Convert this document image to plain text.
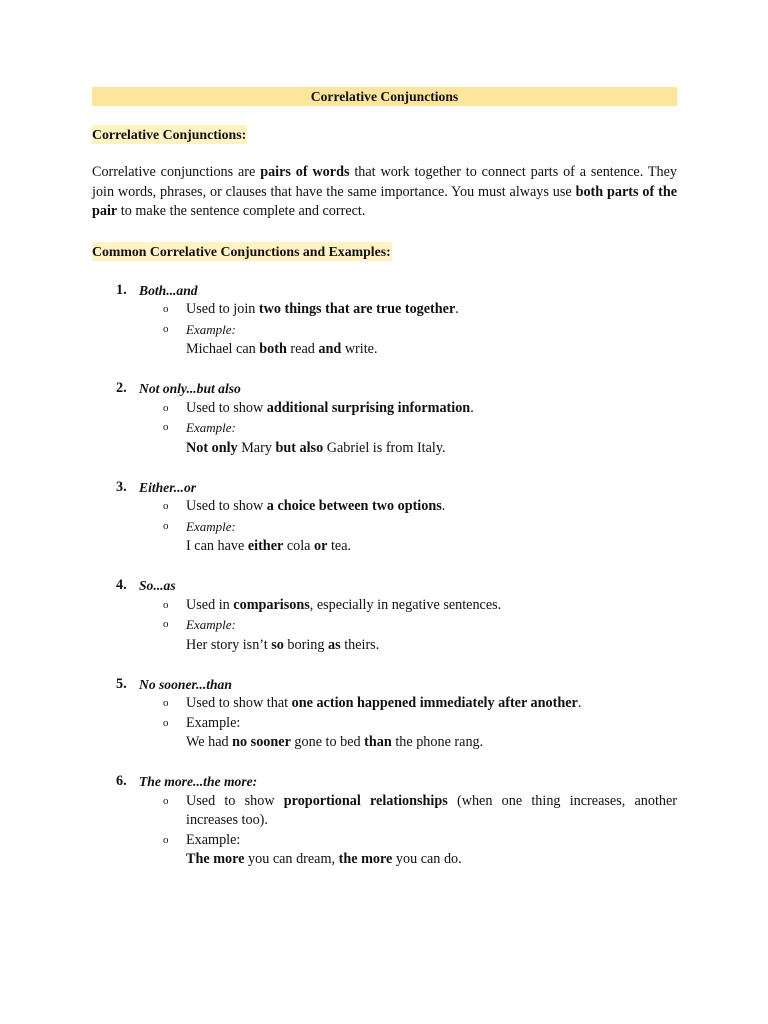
Correlative Conjunctions
Correlative Conjunctions:
Correlative conjunctions are pairs of words that work together to connect parts of a sentence. They join words, phrases, or clauses that have the same importance. You must always use both parts of the pair to make the sentence complete and correct.
Common Correlative Conjunctions and Examples:
1. Both...and
o Used to join two things that are true together.
o Example:
Michael can both read and write.
2. Not only...but also
o Used to show additional surprising information.
o Example:
Not only Mary but also Gabriel is from Italy.
3. Either...or
o Used to show a choice between two options.
o Example:
I can have either cola or tea.
4. So...as
o Used in comparisons, especially in negative sentences.
o Example:
Her story isn’t so boring as theirs.
5. No sooner...than
o Used to show that one action happened immediately after another.
o Example:
We had no sooner gone to bed than the phone rang.
6. The more...the more:
o Used to show proportional relationships (when one thing increases, another increases too).
o Example:
The more you can dream, the more you can do.
